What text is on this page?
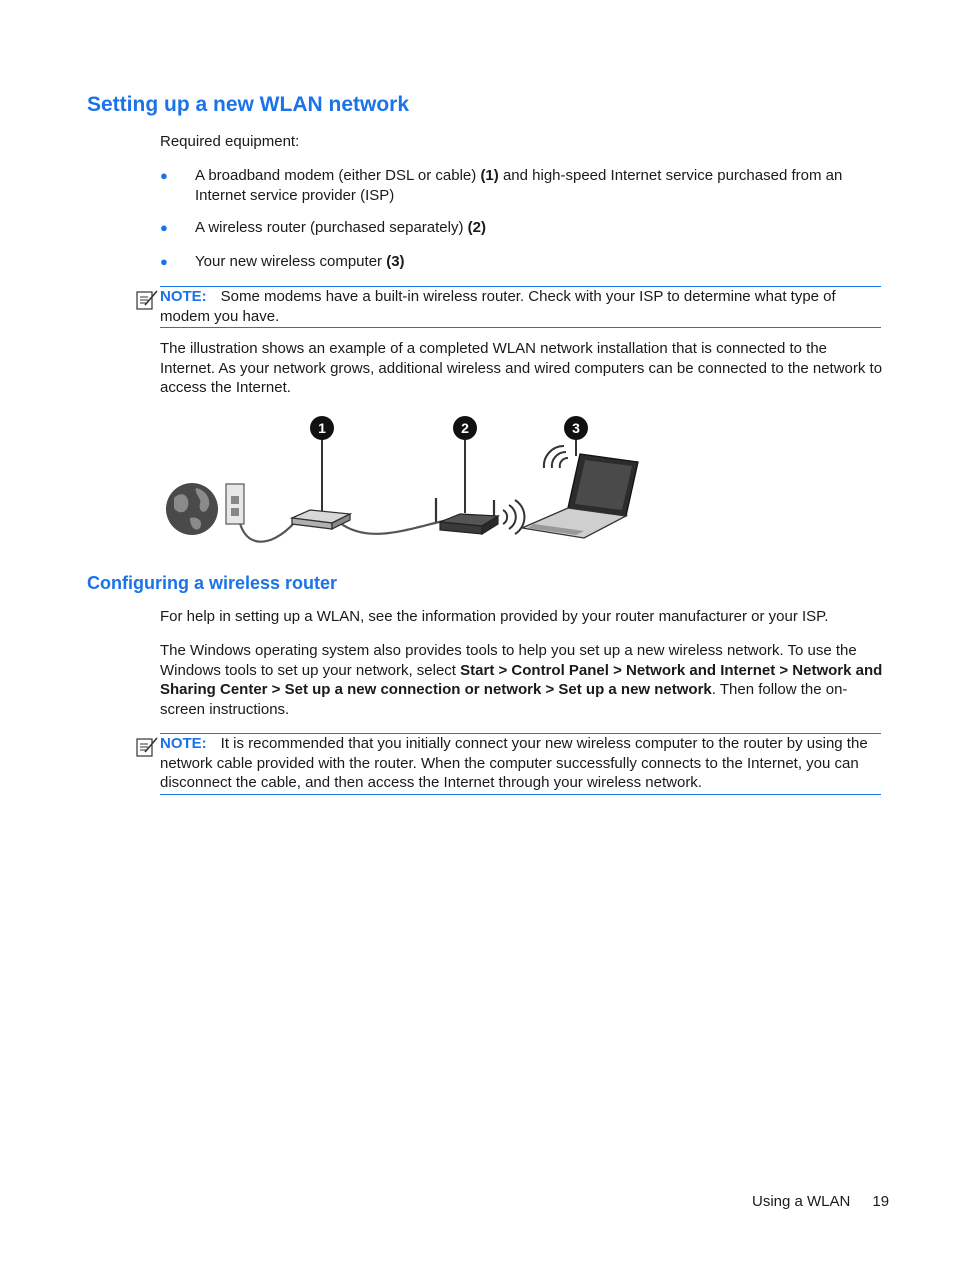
Setting up a new WLAN network

Required equipment:

● A broadband modem (either DSL or cable) (1) and high-speed Internet service purchased from an Internet service provider (ISP)
● A wireless router (purchased separately) (2)
● Your new wireless computer (3)
NOTE: Some modems have a built-in wireless router. Check with your ISP to determine what type of modem you have.

The illustration shows an example of a completed WLAN network installation that is connected to the Internet. As your network grows, additional wireless and wired computers can be connected to the network to access the Internet.

1	2	3
Configuring a wireless router

For help in setting up a WLAN, see the information provided by your router manufacturer or your ISP.

The Windows operating system also provides tools to help you set up a new wireless network. To use the Windows tools to set up your network, select Start > Control Panel > Network and Internet > Network and Sharing Center > Set up a new connection or network > Set up a new network. Then follow the on-screen instructions.

NOTE: It is recommended that you initially connect your new wireless computer to the router by using the network cable provided with the router. When the computer successfully connects to the Internet, you can disconnect the cable, and then access the Internet through your wireless network.
Using a WLAN 19
